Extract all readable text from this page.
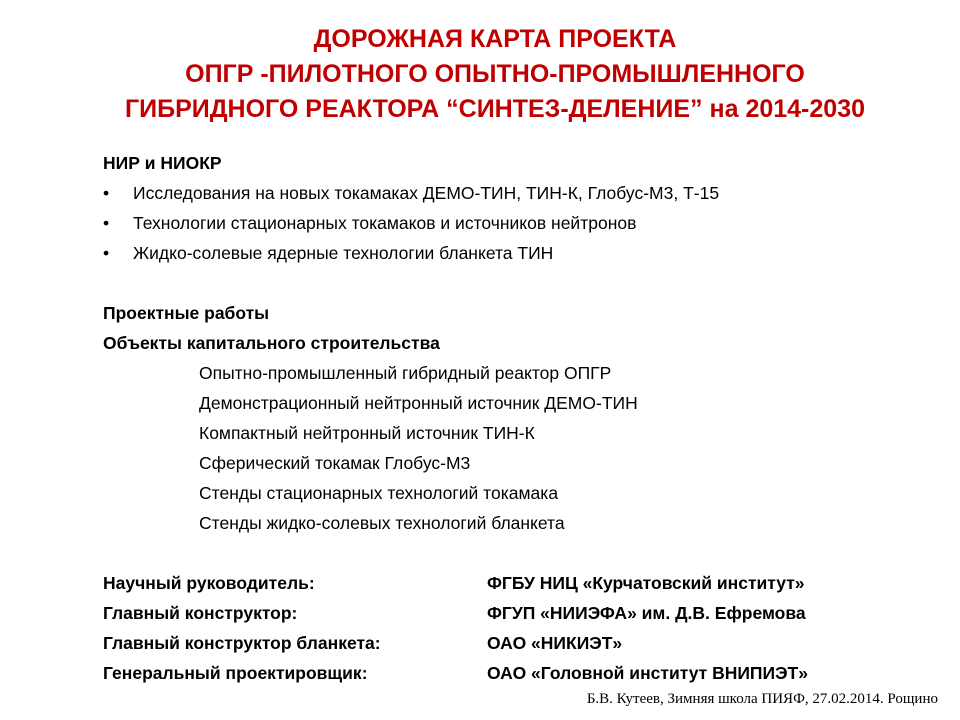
ДОРОЖНАЯ КАРТА ПРОЕКТА
ОПГР -ПИЛОТНОГО ОПЫТНО-ПРОМЫШЛЕННОГО
ГИБРИДНОГО РЕАКТОРА “СИНТЕЗ-ДЕЛЕНИЕ” на 2014-2030
НИР и НИОКР
• Исследования на новых токамаках ДЕМО-ТИН, ТИН-К, Глобус-М3, Т-15
• Технологии стационарных токамаков и источников нейтронов
• Жидко-солевые ядерные технологии бланкета ТИН
Проектные работы
Объекты капитального строительства
Опытно-промышленный гибридный реактор ОПГР
Демонстрационный нейтронный источник ДЕМО-ТИН
Компактный нейтронный источник ТИН-К
Сферический токамак Глобус-М3
Стенды стационарных технологий токамака
Стенды жидко-солевых технологий бланкета
Научный руководитель:	ФГБУ НИЦ «Курчатовский институт»
Главный конструктор:	ФГУП «НИИЭФА» им. Д.В. Ефремова
Главный конструктор бланкета:	ОАО «НИКИЭТ»
Генеральный проектировщик:	ОАО «Головной институт ВНИПИЭТ»
Б.В. Кутеев, Зимняя школа ПИЯФ, 27.02.2014. Рощино
